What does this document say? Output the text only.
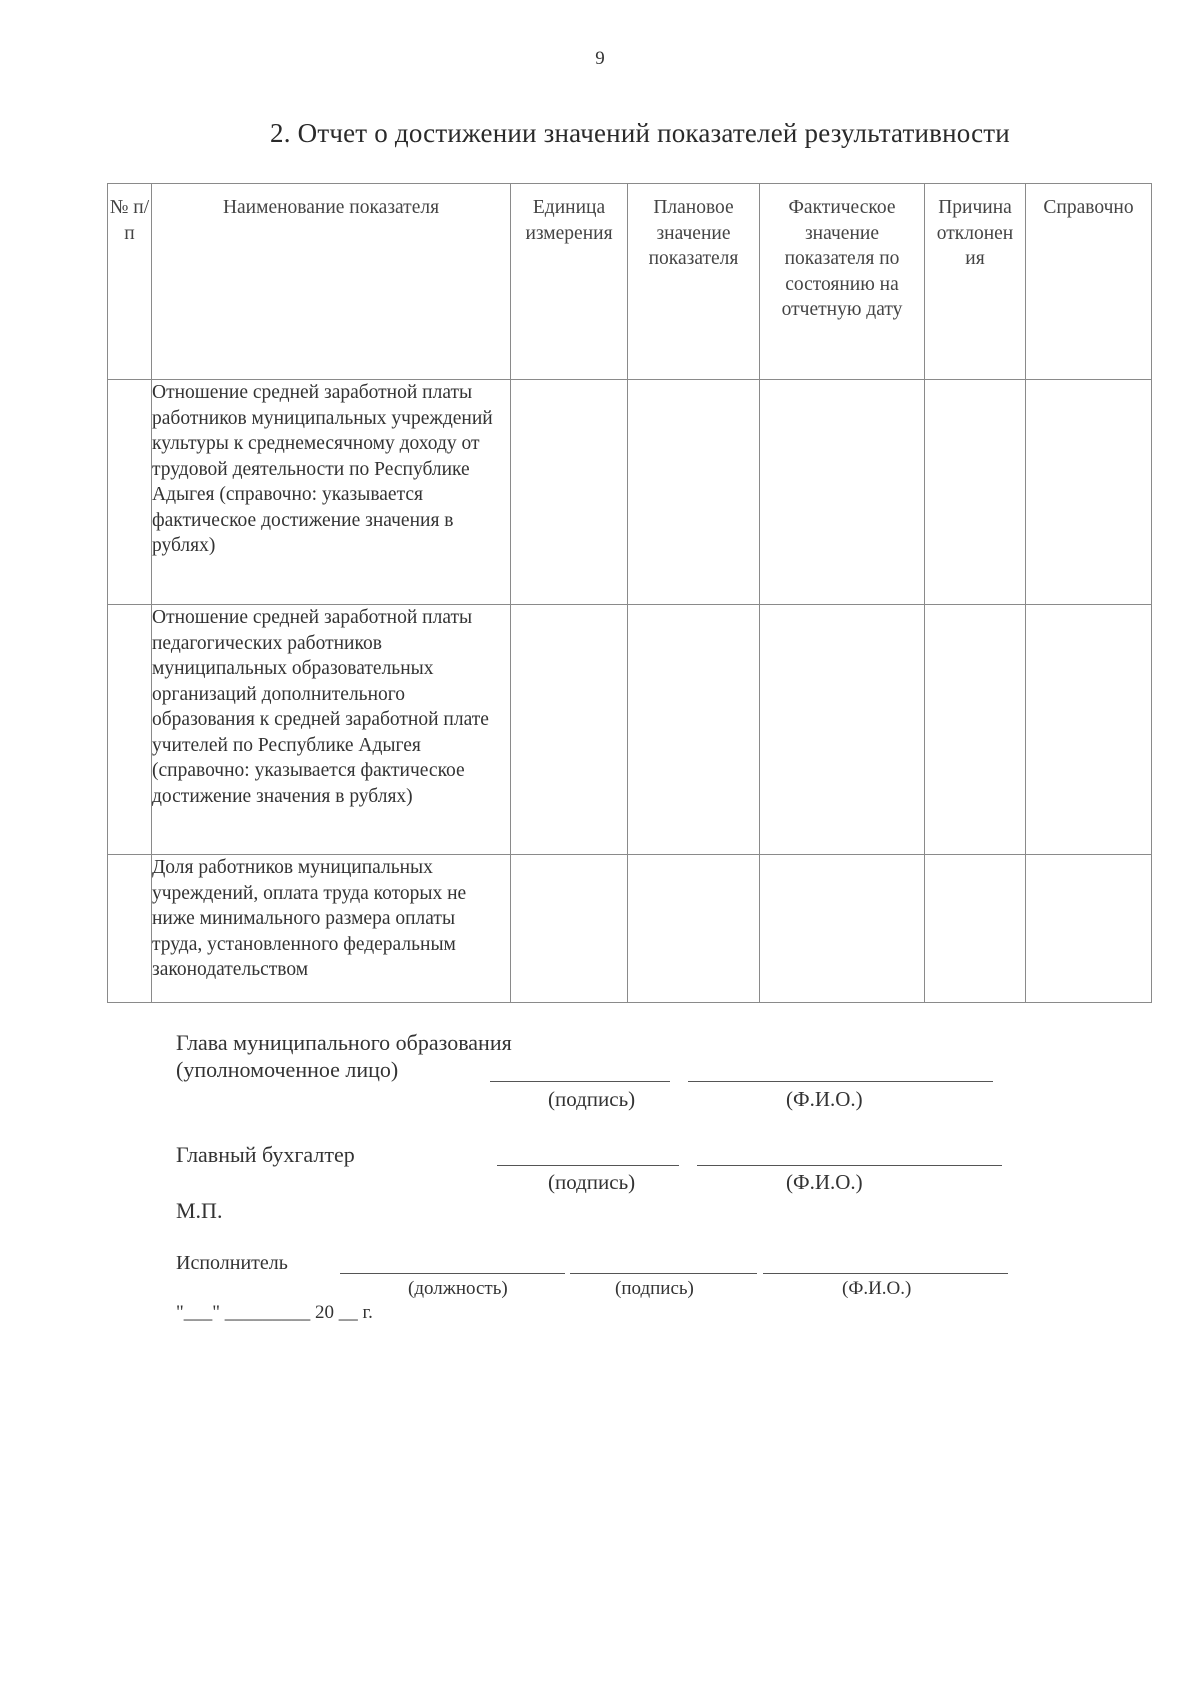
9
2. Отчет о достижении значений показателей результативности
№ п/п	Наименование показателя	Единица измерения	Плановое значение показателя	Фактическое значение показателя по состоянию на отчетную дату	Причина отклонен ия	Справочно
	Отношение средней заработной платы работников муниципальных учреждений культуры к среднемесячному доходу от трудовой деятельности по Республике Адыгея (справочно: указывается фактическое достижение значения в рублях)					
	Отношение средней заработной платы педагогических работников муниципальных образовательных организаций дополнительного образования к средней заработной плате учителей по Республике Адыгея (справочно: указывается фактическое достижение значения в рублях)					
	Доля работников муниципальных учреждений, оплата труда которых не ниже минимального размера оплаты труда, установленного федеральным законодательством					
Глава муниципального образования
(уполномоченное лицо)
(подпись)	(Ф.И.О.)
Главный бухгалтер
(подпись)	(Ф.И.О.)
М.П.
Исполнитель
(должность)	(подпись)	(Ф.И.О.)
"___" _________ 20 __ г.
